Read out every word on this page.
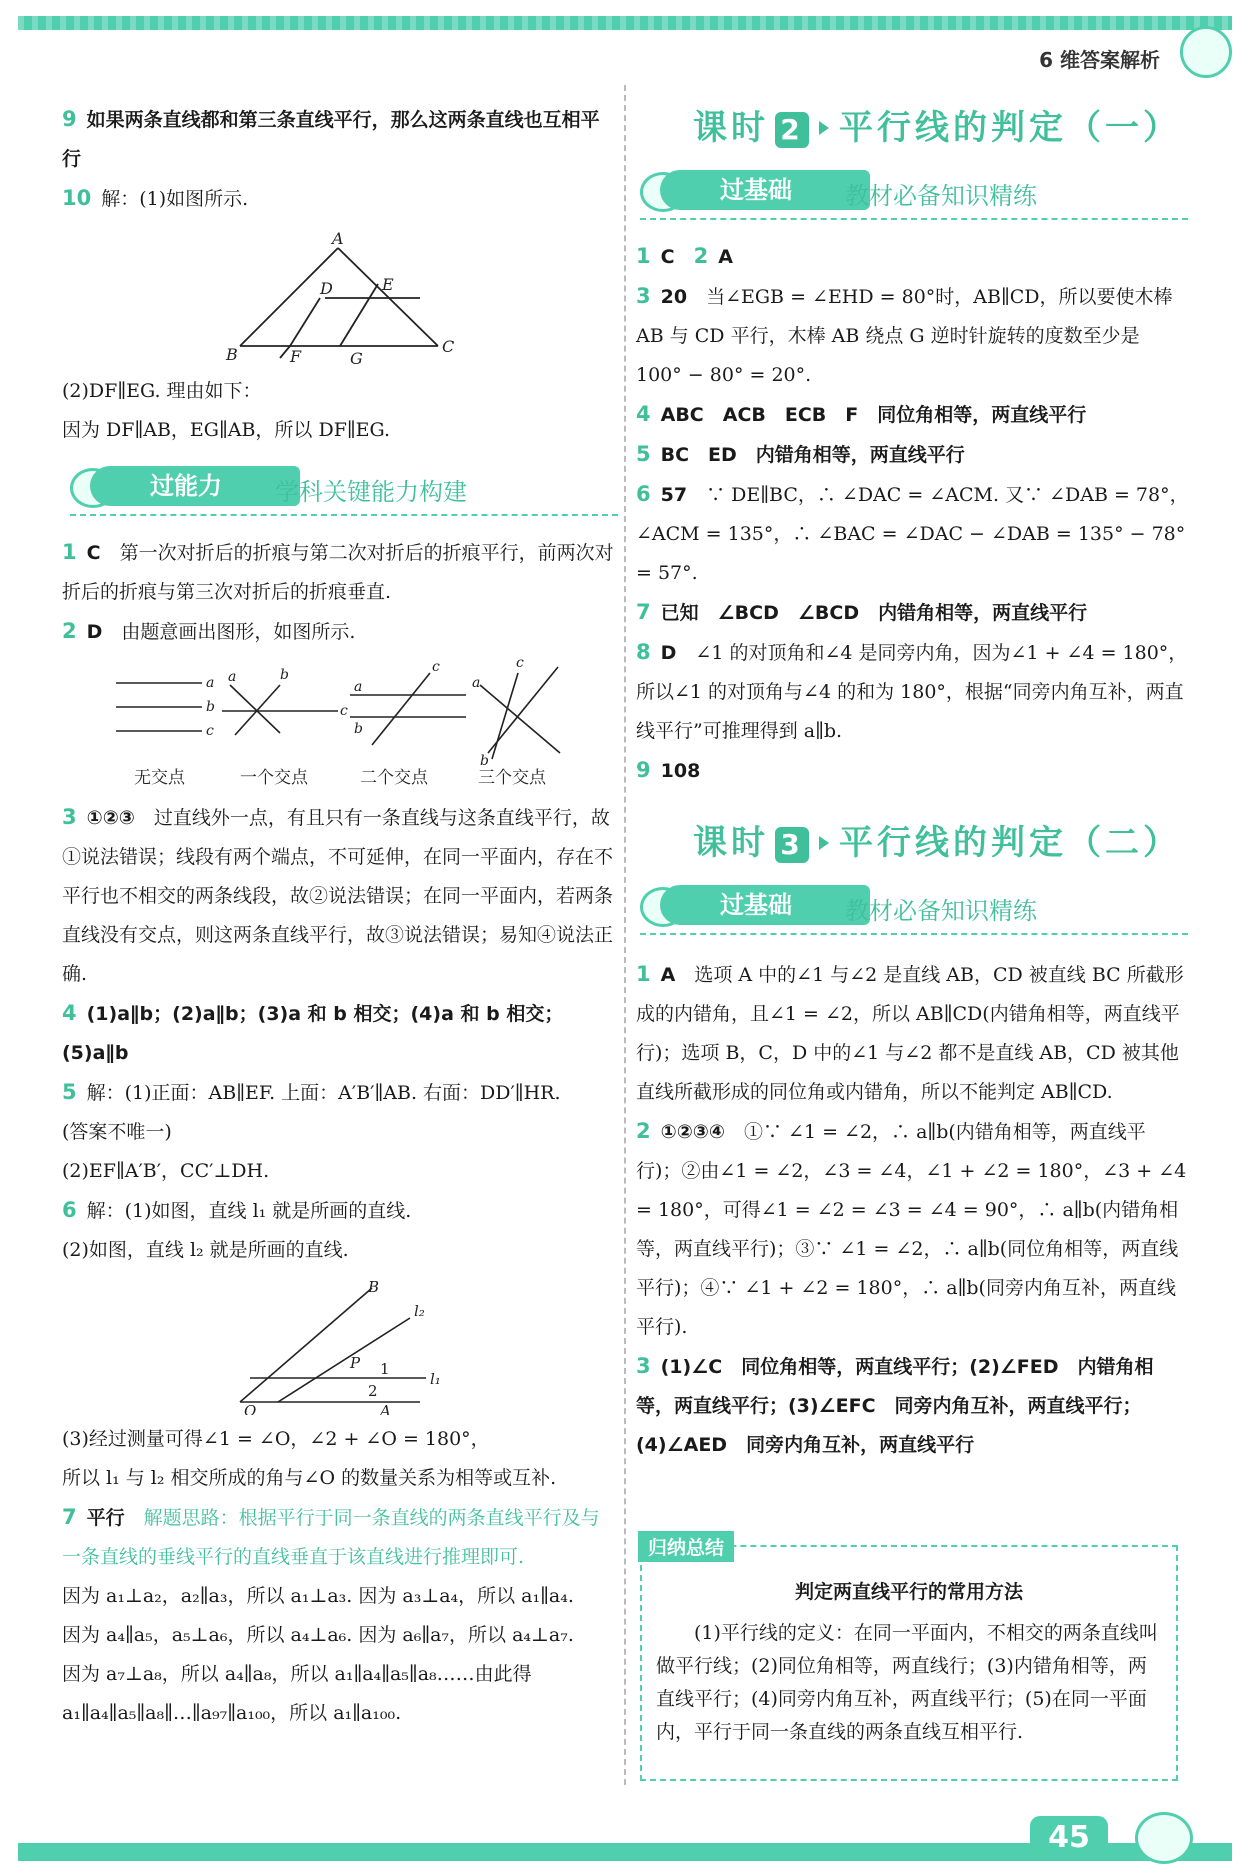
6 维答案解析
45

9 如果两条直线都和第三条直线平行，那么这两条直线也互相平行

10 解：(1)如图所示.

A
D	E
B	F	G
C

(2)DF∥EG. 理由如下：

因为 DF∥AB，EG∥AB，所以 DF∥EG.

过能力	学科关键能力构建

1 C　 第一次对折后的折痕与第二次对折后的折痕平行，前两次对折后的折痕与第三次对折后的折痕垂直.

2 D　 由题意画出图形，如图所示.

a
b
c
a	b
c
a
b
c
a
b
c
无交点	一个交点	二个交点	三个交点

3 ①②③　 过直线外一点，有且只有一条直线与这条直线平行，故①说法错误；线段有两个端点，不可延伸，在同一平面内，存在不平行也不相交的两条线段，故②说法错误；在同一平面内，若两条直线没有交点，则这两条直线平行，故③说法错误；易知④说法正确.

4 (1)a∥b；(2)a∥b；(3)a 和 b 相交；(4)a 和 b 相交；(5)a∥b

5 解：(1)正面：AB∥EF. 上面：A′B′∥AB. 右面：DD′∥HR.

(答案不唯一)

(2)EF∥A′B′，CC′⊥DH.

6 解：(1)如图，直线 l₁ 就是所画的直线.

(2)如图，直线 l₂ 就是所画的直线.

B
l₂
P 1
l₁
2
O	A

(3)经过测量可得∠1 = ∠O，∠2 + ∠O = 180°，

所以 l₁ 与 l₂ 相交所成的角与∠O 的数量关系为相等或互补.

7 平行　 解题思路：根据平行于同一条直线的两条直线平行及与一条直线的垂线平行的直线垂直于该直线进行推理即可.

因为 a₁⊥a₂，a₂∥a₃，所以 a₁⊥a₃. 因为 a₃⊥a₄，所以 a₁∥a₄.

因为 a₄∥a₅，a₅⊥a₆，所以 a₄⊥a₆. 因为 a₆∥a₇，所以 a₄⊥a₇.

因为 a₇⊥a₈，所以 a₄∥a₈，所以 a₁∥a₄∥a₅∥a₈……由此得

a₁∥a₄∥a₅∥a₈∥…∥a₉₇∥a₁₀₀，所以 a₁∥a₁₀₀.

课时 2 平行线的判定（一）
过基础	教材必备知识精练

1 C　 2 A

3 20　 当∠EGB = ∠EHD = 80°时，AB∥CD，所以要使木棒 AB 与 CD 平行，木棒 AB 绕点 G 逆时针旋转的度数至少是 100° − 80° = 20°.

4 ABC　ACB　ECB　F　同位角相等，两直线平行

5 BC　ED　内错角相等，两直线平行

6 57　 ∵ DE∥BC，∴ ∠DAC = ∠ACM. 又∵ ∠DAB = 78°，∠ACM = 135°，∴ ∠BAC = ∠DAC − ∠DAB = 135° − 78° = 57°.

7 已知　∠BCD　∠BCD　内错角相等，两直线平行

8 D　 ∠1 的对顶角和∠4 是同旁内角，因为∠1 + ∠4 = 180°，所以∠1 的对顶角与∠4 的和为 180°，根据“同旁内角互补，两直线平行”可推理得到 a∥b.

9 108

课时 3 平行线的判定（二）
过基础	教材必备知识精练

1 A　 选项 A 中的∠1 与∠2 是直线 AB，CD 被直线 BC 所截形成的内错角，且∠1 = ∠2，所以 AB∥CD(内错角相等，两直线平行)；选项 B，C，D 中的∠1 与∠2 都不是直线 AB，CD 被其他直线所截形成的同位角或内错角，所以不能判定 AB∥CD.

2 ①②③④　 ①∵ ∠1 = ∠2，∴ a∥b(内错角相等，两直线平行)；②由∠1 = ∠2，∠3 = ∠4，∠1 + ∠2 = 180°，∠3 + ∠4 = 180°，可得∠1 = ∠2 = ∠3 = ∠4 = 90°，∴ a∥b(内错角相等，两直线平行)；③∵ ∠1 = ∠2，∴ a∥b(同位角相等，两直线平行)；④∵ ∠1 + ∠2 = 180°，∴ a∥b(同旁内角互补，两直线平行).

3 (1)∠C　同位角相等，两直线平行；(2)∠FED　内错角相等，两直线平行；(3)∠EFC　同旁内角互补，两直线平行；(4)∠AED　同旁内角互补，两直线平行

归纳总结
判定两直线平行的常用方法
(1)平行线的定义：在同一平面内，不相交的两条直线叫做平行线；(2)同位角相等，两直线行；(3)内错角相等，两直线平行；(4)同旁内角互补，两直线平行；(5)在同一平面内，平行于同一条直线的两条直线互相平行.
